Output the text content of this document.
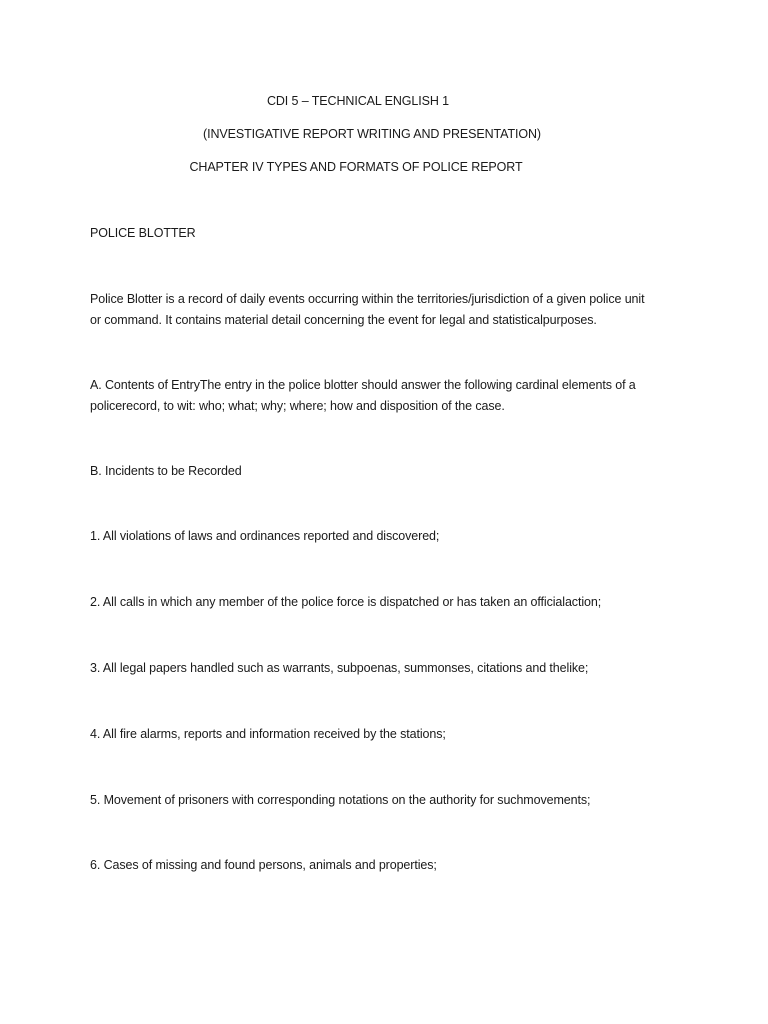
CDI 5 – TECHNICAL ENGLISH 1
(INVESTIGATIVE REPORT WRITING AND PRESENTATION)
CHAPTER IV TYPES AND FORMATS OF POLICE REPORT
POLICE BLOTTER
Police Blotter is a record of daily events occurring within the territories/jurisdiction of a given police unit
or command. It contains material detail concerning the event for legal and statisticalpurposes.
A. Contents of EntryThe entry in the police blotter should answer the following cardinal elements of a
policerecord, to wit: who; what; why; where; how and disposition of the case.
B. Incidents to be Recorded
1. All violations of laws and ordinances reported and discovered;
2. All calls in which any member of the police force is dispatched or has taken an officialaction;
3. All legal papers handled such as warrants, subpoenas, summonses, citations and thelike;
4. All fire alarms, reports and information received by the stations;
5. Movement of prisoners with corresponding notations on the authority for suchmovements;
6. Cases of missing and found persons, animals and properties;
